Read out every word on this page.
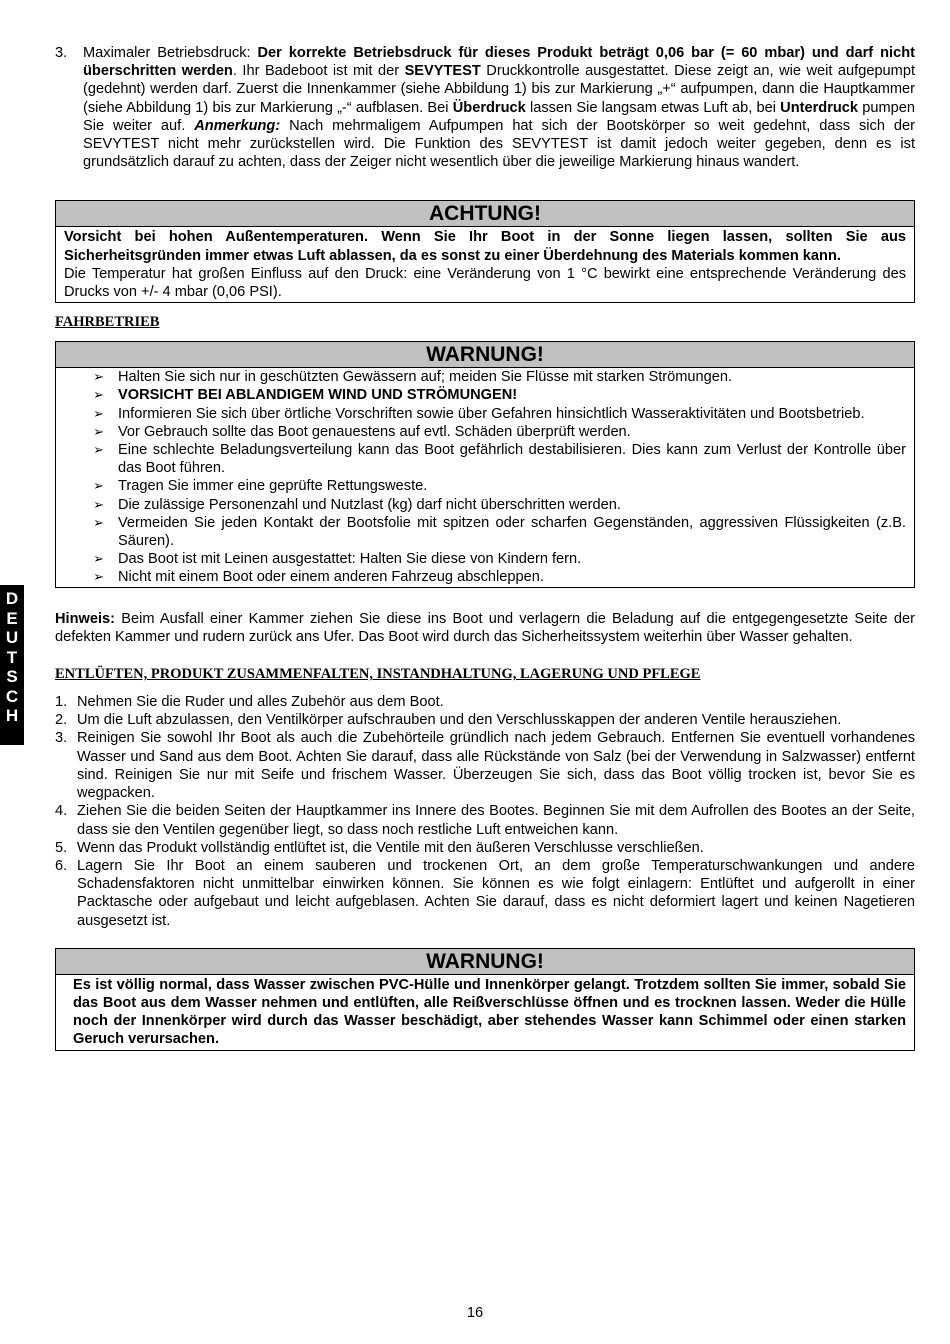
3.	Maximaler Betriebsdruck: Der korrekte Betriebsdruck für dieses Produkt beträgt 0,06 bar (= 60 mbar) und darf nicht überschritten werden. Ihr Badeboot ist mit der SEVYTEST Druckkontrolle ausgestattet. Diese zeigt an, wie weit aufgepumpt (gedehnt) werden darf. Zuerst die Innenkammer (siehe Abbildung 1) bis zur Markierung „+“ aufpumpen, dann die Hauptkammer (siehe Abbildung 1) bis zur Markierung „-“ aufblasen. Bei Überdruck lassen Sie langsam etwas Luft ab, bei Unterdruck pumpen Sie weiter auf. Anmerkung: Nach mehrmaligem Aufpumpen hat sich der Bootskörper so weit gedehnt, dass sich der SEVYTEST nicht mehr zurückstellen wird. Die Funktion des SEVYTEST ist damit jedoch weiter gegeben, denn es ist grundsätzlich darauf zu achten, dass der Zeiger nicht wesentlich über die jeweilige Markierung hinaus wandert.
ACHTUNG!
Vorsicht bei hohen Außentemperaturen. Wenn Sie Ihr Boot in der Sonne liegen lassen, sollten Sie aus Sicherheitsgründen immer etwas Luft ablassen, da es sonst zu einer Überdehnung des Materials kommen kann.
Die Temperatur hat großen Einfluss auf den Druck: eine Veränderung von 1 °C bewirkt eine entsprechende Veränderung des Drucks von +/- 4 mbar (0,06 PSI).
FAHRBETRIEB
WARNUNG!
➢ Halten Sie sich nur in geschützten Gewässern auf; meiden Sie Flüsse mit starken Strömungen.
➢ VORSICHT BEI ABLANDIGEM WIND UND STRÖMUNGEN!
➢ Informieren Sie sich über örtliche Vorschriften sowie über Gefahren hinsichtlich Wasseraktivitäten und Bootsbetrieb.
➢ Vor Gebrauch sollte das Boot genauestens auf evtl. Schäden überprüft werden.
➢ Eine schlechte Beladungsverteilung kann das Boot gefährlich destabilisieren. Dies kann zum Verlust der Kontrolle über das Boot führen.
➢ Tragen Sie immer eine geprüfte Rettungsweste.
➢ Die zulässige Personenzahl und Nutzlast (kg) darf nicht überschritten werden.
➢ Vermeiden Sie jeden Kontakt der Bootsfolie mit spitzen oder scharfen Gegenständen, aggressiven Flüssigkeiten (z.B. Säuren).
➢ Das Boot ist mit Leinen ausgestattet: Halten Sie diese von Kindern fern.
➢ Nicht mit einem Boot oder einem anderen Fahrzeug abschleppen.
Hinweis: Beim Ausfall einer Kammer ziehen Sie diese ins Boot und verlagern die Beladung auf die entgegengesetzte Seite der defekten Kammer und rudern zurück ans Ufer. Das Boot wird durch das Sicherheitssystem weiterhin über Wasser gehalten.
ENTLÜFTEN, PRODUKT ZUSAMMENFALTEN, INSTANDHALTUNG, LAGERUNG UND PFLEGE
1. Nehmen Sie die Ruder und alles Zubehör aus dem Boot.
2. Um die Luft abzulassen, den Ventilkörper aufschrauben und den Verschlusskappen der anderen Ventile herausziehen.
3. Reinigen Sie sowohl Ihr Boot als auch die Zubehörteile gründlich nach jedem Gebrauch. Entfernen Sie eventuell vorhandenes Wasser und Sand aus dem Boot. Achten Sie darauf, dass alle Rückstände von Salz (bei der Verwendung in Salzwasser) entfernt sind. Reinigen Sie nur mit Seife und frischem Wasser. Überzeugen Sie sich, dass das Boot völlig trocken ist, bevor Sie es wegpacken.
4. Ziehen Sie die beiden Seiten der Hauptkammer ins Innere des Bootes. Beginnen Sie mit dem Aufrollen des Bootes an der Seite, dass sie den Ventilen gegenüber liegt, so dass noch restliche Luft entweichen kann.
5. Wenn das Produkt vollständig entlüftet ist, die Ventile mit den äußeren Verschlusse verschließen.
6. Lagern Sie Ihr Boot an einem sauberen und trockenen Ort, an dem große Temperaturschwankungen und andere Schadensfaktoren nicht unmittelbar einwirken können. Sie können es wie folgt einlagern: Entlüftet und aufgerollt in einer Packtasche oder aufgebaut und leicht aufgeblasen. Achten Sie darauf, dass es nicht deformiert lagert und keinen Nagetieren ausgesetzt ist.
WARNUNG!
Es ist völlig normal, dass Wasser zwischen PVC-Hülle und Innenkörper gelangt. Trotzdem sollten Sie immer, sobald Sie das Boot aus dem Wasser nehmen und entlüften, alle Reißverschlüsse öffnen und es trocknen lassen. Weder die Hülle noch der Innenkörper wird durch das Wasser beschädigt, aber stehendes Wasser kann Schimmel oder einen starken Geruch verursachen.
D
E
U
T
S
C
H
16
